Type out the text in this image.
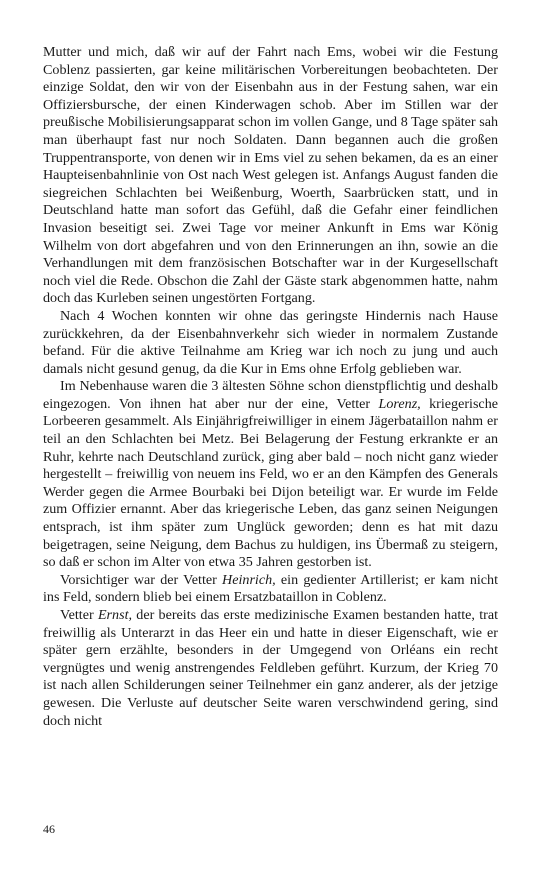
Mutter und mich, daß wir auf der Fahrt nach Ems, wobei wir die Festung Coblenz passierten, gar keine militärischen Vorbereitungen beobachteten. Der einzige Soldat, den wir von der Eisenbahn aus in der Festung sahen, war ein Offiziersbursche, der einen Kinderwagen schob. Aber im Stillen war der preußische Mobilisierungsapparat schon im vollen Gange, und 8 Tage später sah man überhaupt fast nur noch Soldaten. Dann begannen auch die großen Truppentransporte, von denen wir in Ems viel zu sehen bekamen, da es an einer Haupteisenbahnlinie von Ost nach West gelegen ist. Anfangs August fanden die siegreichen Schlachten bei Weißenburg, Woerth, Saarbrücken statt, und in Deutschland hatte man sofort das Gefühl, daß die Gefahr einer feindlichen Invasion beseitigt sei. Zwei Tage vor meiner Ankunft in Ems war König Wilhelm von dort abgefahren und von den Erinnerungen an ihn, sowie an die Verhandlungen mit dem französischen Botschafter war in der Kurgesellschaft noch viel die Rede. Obschon die Zahl der Gäste stark abgenommen hatte, nahm doch das Kurleben seinen ungestörten Fortgang.

Nach 4 Wochen konnten wir ohne das geringste Hindernis nach Hause zurückkehren, da der Eisenbahnverkehr sich wieder in normalem Zustande befand. Für die aktive Teilnahme am Krieg war ich noch zu jung und auch damals nicht gesund genug, da die Kur in Ems ohne Erfolg geblieben war.

Im Nebenhause waren die 3 ältesten Söhne schon dienstpflichtig und deshalb eingezogen. Von ihnen hat aber nur der eine, Vetter Lorenz, kriegerische Lorbeeren gesammelt. Als Einjährigfreiwilliger in einem Jägerbataillon nahm er teil an den Schlachten bei Metz. Bei Belagerung der Festung erkrankte er an Ruhr, kehrte nach Deutschland zurück, ging aber bald – noch nicht ganz wieder hergestellt – freiwillig von neuem ins Feld, wo er an den Kämpfen des Generals Werder gegen die Armee Bourbaki bei Dijon beteiligt war. Er wurde im Felde zum Offizier ernannt. Aber das kriegerische Leben, das ganz seinen Neigungen entsprach, ist ihm später zum Unglück geworden; denn es hat mit dazu beigetragen, seine Neigung, dem Bachus zu huldigen, ins Übermaß zu steigern, so daß er schon im Alter von etwa 35 Jahren gestorben ist.

Vorsichtiger war der Vetter Heinrich, ein gedienter Artillerist; er kam nicht ins Feld, sondern blieb bei einem Ersatzbataillon in Coblenz.

Vetter Ernst, der bereits das erste medizinische Examen bestanden hatte, trat freiwillig als Unterarzt in das Heer ein und hatte in dieser Eigenschaft, wie er später gern erzählte, besonders in der Umgegend von Orléans ein recht vergnügtes und wenig anstrengendes Feldleben geführt. Kurzum, der Krieg 70 ist nach allen Schilderungen seiner Teilnehmer ein ganz anderer, als der jetzige gewesen. Die Verluste auf deutscher Seite waren verschwindend gering, sind doch nicht

46
